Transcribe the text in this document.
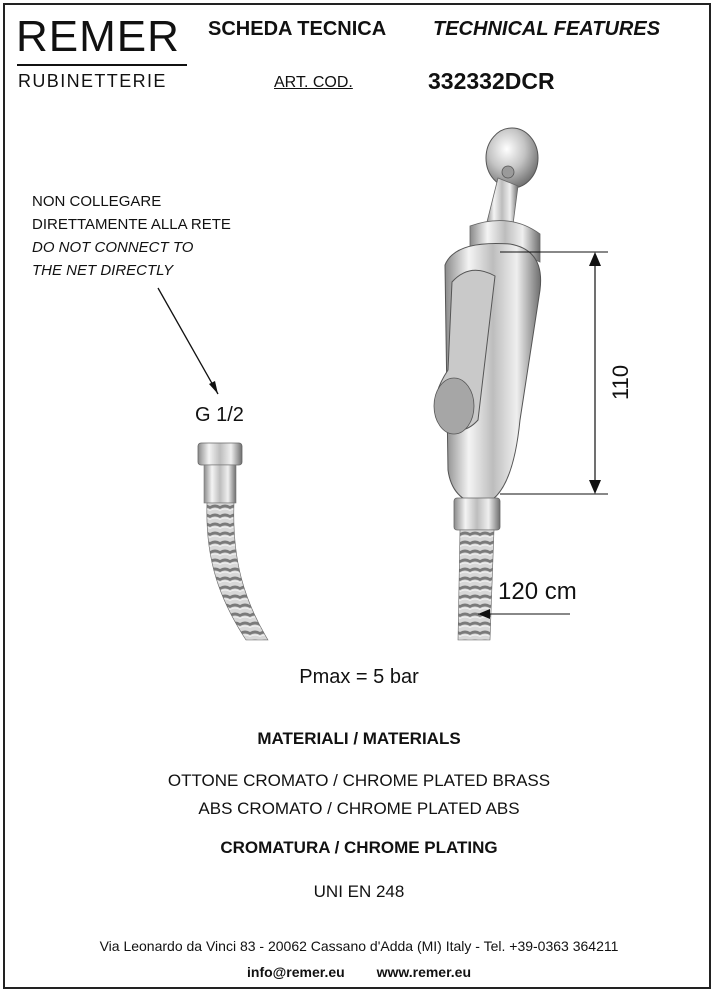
REMER
RUBINETTERIE
SCHEDA TECNICA TECHNICAL FEATURES
ART. COD.	332332DCR
NON COLLEGARE
DIRETTAMENTE ALLA RETE
DO NOT CONNECT TO
THE NET DIRECTLY
G 1/2
110
120 cm
Pmax = 5 bar
MATERIALI / MATERIALS
OTTONE CROMATO / CHROME PLATED BRASS
ABS CROMATO / CHROME PLATED ABS
CROMATURA / CHROME PLATING
UNI EN 248
Via Leonardo da Vinci 83 - 20062 Cassano d'Adda (MI) Italy - Tel. +39-0363 364211
info@remer.eu www.remer.eu
